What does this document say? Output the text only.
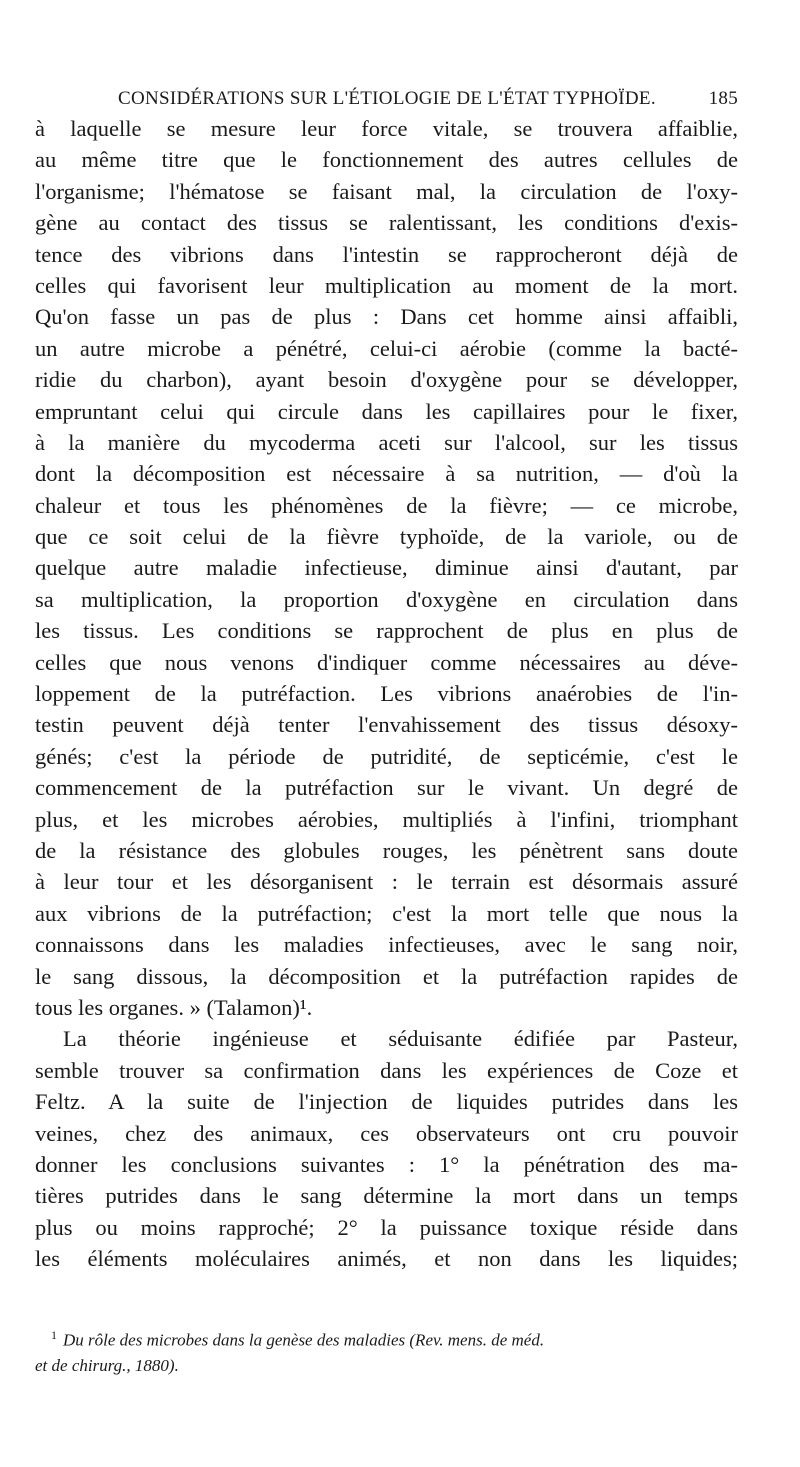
CONSIDÉRATIONS SUR L'ÉTIOLOGIE DE L'ÉTAT TYPHOÏDE.	185
à laquelle se mesure leur force vitale, se trouvera affaiblie,
au même titre que le fonctionnement des autres cellules de
l'organisme; l'hématose se faisant mal, la circulation de l'oxy-
gène au contact des tissus se ralentissant, les conditions d'exis-
tence des vibrions dans l'intestin se rapprocheront déjà de
celles qui favorisent leur multiplication au moment de la mort.
Qu'on fasse un pas de plus : Dans cet homme ainsi affaibli,
un autre microbe a pénétré, celui-ci aérobie (comme la bacté-
ridie du charbon), ayant besoin d'oxygène pour se développer,
empruntant celui qui circule dans les capillaires pour le fixer,
à la manière du mycoderma aceti sur l'alcool, sur les tissus
dont la décomposition est nécessaire à sa nutrition, — d'où la
chaleur et tous les phénomènes de la fièvre; — ce microbe,
que ce soit celui de la fièvre typhoïde, de la variole, ou de
quelque autre maladie infectieuse, diminue ainsi d'autant, par
sa multiplication, la proportion d'oxygène en circulation dans
les tissus. Les conditions se rapprochent de plus en plus de
celles que nous venons d'indiquer comme nécessaires au déve-
loppement de la putréfaction. Les vibrions anaérobies de l'in-
testin peuvent déjà tenter l'envahissement des tissus désoxy-
génés; c'est la période de putridité, de septicémie, c'est le
commencement de la putréfaction sur le vivant. Un degré de
plus, et les microbes aérobies, multipliés à l'infini, triomphant
de la résistance des globules rouges, les pénètrent sans doute
à leur tour et les désorganisent : le terrain est désormais assuré
aux vibrions de la putréfaction; c'est la mort telle que nous la
connaissons dans les maladies infectieuses, avec le sang noir,
le sang dissous, la décomposition et la putréfaction rapides de
tous les organes. » (Talamon)¹.
La théorie ingénieuse et séduisante édifiée par Pasteur,
semble trouver sa confirmation dans les expériences de Coze et
Feltz. A la suite de l'injection de liquides putrides dans les
veines, chez des animaux, ces observateurs ont cru pouvoir
donner les conclusions suivantes : 1° la pénétration des ma-
tières putrides dans le sang détermine la mort dans un temps
plus ou moins rapproché; 2° la puissance toxique réside dans
les éléments moléculaires animés, et non dans les liquides;
$^1$ Du rôle des microbes dans la genèse des maladies (Rev. mens. de méd.
et de chirurg., 1880).
